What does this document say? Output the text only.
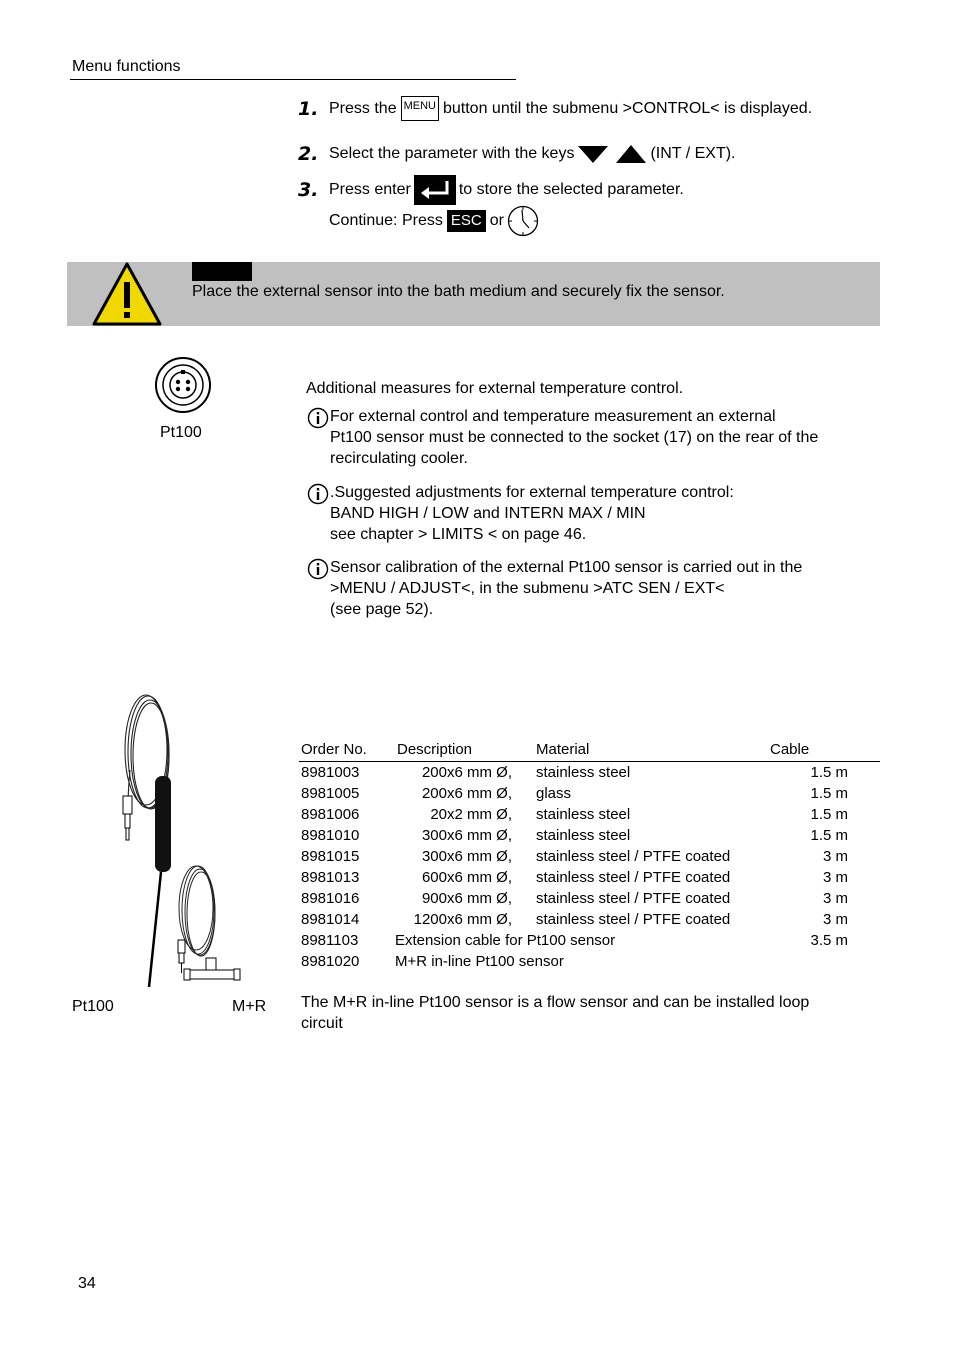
Menu functions
1. Press the MENU button until the submenu >CONTROL< is displayed.
2. Select the parameter with the keys	(INT / EXT).
3. Press enter	to store the selected parameter.
Continue: Press ESC or
Place the external sensor into the bath medium and securely fix the sensor.
Pt100
Additional measures for external temperature control.
For external control and temperature measurement an external
Pt100 sensor must be connected to the socket (17) on the rear of the
recirculating cooler.
.Suggested adjustments for external temperature control:
BAND HIGH / LOW and INTERN MAX / MIN
see chapter > LIMITS < on page 46.
Sensor calibration of the external Pt100 sensor is carried out in the
>MENU / ADJUST<, in the submenu >ATC SEN / EXT<
(see page 52).
Pt100	M+R
Order No.	Description		Material	Cable
8981003	200x6 mm Ø,		stainless steel	1.5 m
8981005	200x6 mm Ø,		glass	1.5 m
8981006	20x2 mm Ø,		stainless steel	1.5 m
8981010	300x6 mm Ø,		stainless steel	1.5 m
8981015	300x6 mm Ø,		stainless steel / PTFE coated	3 m
8981013	600x6 mm Ø,		stainless steel / PTFE coated	3 m
8981016	900x6 mm Ø,		stainless steel / PTFE coated	3 m
8981014	1200x6 mm Ø,		stainless steel / PTFE coated	3 m
8981103	Extension cable for Pt100 sensor			3.5 m
8981020	M+R in-line Pt100 sensor			
The M+R in-line Pt100 sensor is a flow sensor and can be installed loop
circuit
34
